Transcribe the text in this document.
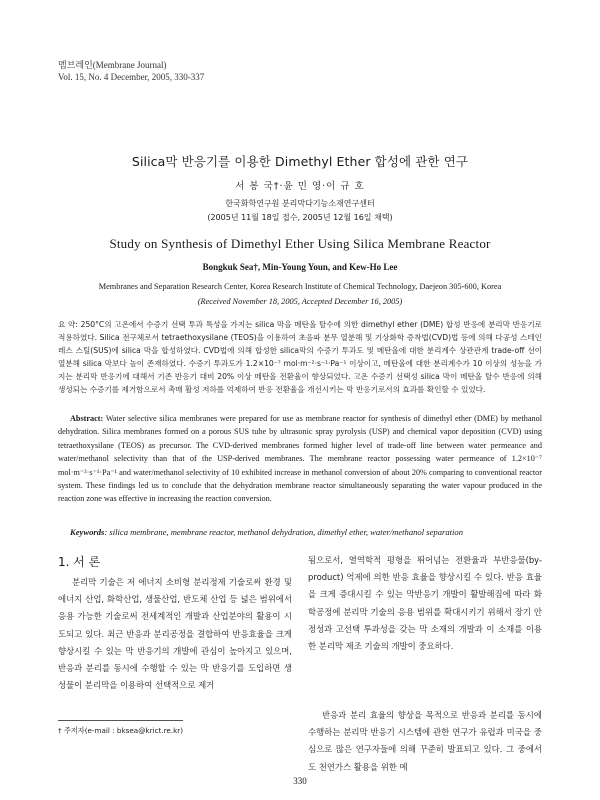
멤브레인(Membrane Journal)
Vol. 15, No. 4 December, 2005, 330-337
Silica막 반응기를 이용한 Dimethyl Ether 합성에 관한 연구
서 봉 국†·윤 민 영·이 규 호
한국화학연구원 분리막다기능소재연구센터
(2005년 11월 18일 접수, 2005년 12월 16일 채택)
Study on Synthesis of Dimethyl Ether Using Silica Membrane Reactor
Bongkuk Sea†, Min-Young Youn, and Kew-Ho Lee
Membranes and Separation Research Center, Korea Research Institute of Chemical Technology, Daejeon 305-600, Korea
(Received November 18, 2005, Accepted December 16, 2005)
요 약: 250°C의 고온에서 수증기 선택 투과 특성을 가지는 silica 막을 메탄올 탈수에 의한 dimethyl ether (DME) 합성 반응에 분리막 반응기로 적용하였다. Silica 전구체로서 tetraethoxysilane (TEOS)을 이용하여 초음파 분무 열분해 및 기상화학 증착법(CVD)법 등에 의해 다공성 스테인레스 스틸(SUS)에 silica 막을 합성하였다. CVD법에 의해 합성한 silica막의 수증기 투과도 및 메탄올에 대한 분리계수 상관관계 trade-off 선이 열분해 silica 막보다 높이 존재하였다. 수증기 투과도가 1.2×10⁻⁷ mol·m⁻²·s⁻¹·Pa⁻¹ 이상이고, 메탄올에 대한 분리계수가 10 이상의 성능을 가지는 분리막 반응기에 대해서 기존 반응기 대비 20% 이상 메탄올 전환율이 향상되었다. 고온 수증기 선택성 silica 막이 메탄올 탈수 반응에 의해 생성되는 수증기를 제거함으로서 촉매 활성 저하를 억제하여 반응 전환율을 개선시키는 막 반응기로서의 효과를 확인할 수 있었다.
Abstract: Water selective silica membranes were prepared for use as membrane reactor for synthesis of dimethyl ether (DME) by methanol dehydration. Silica membranes formed on a porous SUS tube by ultrasonic spray pyrolysis (USP) and chemical vapor deposition (CVD) using tetraethoxysilane (TEOS) as precursor. The CVD-derived membranes formed higher level of trade-off line between water permeance and water/methanol selectivity than that of the USP-derived membranes. The membrane reactor possessing water permeance of 1.2×10⁻⁷ mol·m⁻²·s⁻¹·Pa⁻¹ and water/methanol selectivity of 10 exhibited increase in methanol conversion of about 20% comparing to conventional reactor system. These findings led us to conclude that the dehydration membrane reactor simultaneously separating the water vapour produced in the reaction zone was effective in increasing the reaction conversion.
Keywords: silica membrane, membrane reactor, methanol dehydration, dimethyl ether, water/methanol separation
1. 서 론
분리막 기술은 저 에너지 소비형 분리정제 기술로써 환경 및 에너지 산업, 화학산업, 생물산업, 반도체 산업 등 넓은 범위에서 응용 가능한 기술로써 전세계적인 개발과 산업분야의 활용이 시도되고 있다. 최근 반응과 분리공정을 결합하여 반응효율을 크게 향상시킬 수 있는 막 반응기의 개발에 관심이 높아지고 있으며, 반응과 분리를 동시에 수행할 수 있는 막 반응기를 도입하면 생성물이 분리막을 이용하여 선택적으로 제거
됨으로서, 열역학적 평형을 뛰어넘는 전환율과 부반응물(by-product) 억제에 의한 반응 효율을 향상시킬 수 있다. 반응 효율을 크게 증대시킬 수 있는 막반응기 개발이 활발해짐에 따라 화학공정에 분리막 기술의 응용 범위를 확대시키기 위해서 장기 안정성과 고선택 투과성을 갖는 막 소재의 개발과 이 소재를 이용한 분리막 제조 기술의 개발이 중요하다.
반응과 분리 효율의 향상을 목적으로 반응과 분리를 동시에 수행하는 분리막 반응기 시스템에 관한 연구가 유럽과 미국을 중심으로 많은 연구자들에 의해 꾸준히 발표되고 있다. 그 중에서도 천연가스 활용을 위한 메
† 주저자(e-mail : bksea@krict.re.kr)
330
